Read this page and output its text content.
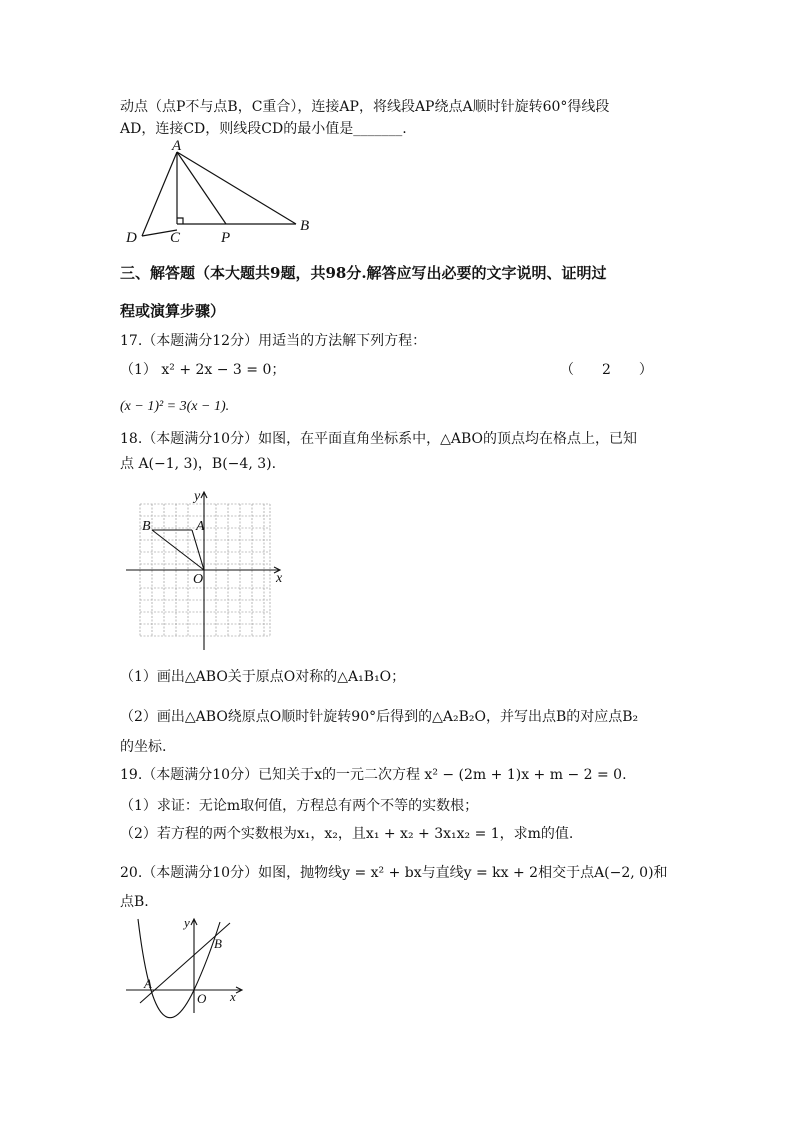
动点（点P不与点B，C重合），连接AP，将线段AP绕点A顺时针旋转60°得线段
AD，连接CD，则线段CD的最小值是_______.
A
D C	P
B
三、解答题（本大题共9题，共98分.解答应写出必要的文字说明、证明过
程或演算步骤）
17.（本题满分12分）用适当的方法解下列方程：
（1） x² + 2x − 3 = 0；	（　　2　　）
(x − 1)² = 3(x − 1).
18.（本题满分10分）如图，在平面直角坐标系中，△ABO的顶点均在格点上，已知
点 A(−1, 3)，B(−4, 3).
y
B	A
O	x
（1）画出△ABO关于原点O对称的△A₁B₁O；
（2）画出△ABO绕原点O顺时针旋转90°后得到的△A₂B₂O，并写出点B的对应点B₂
的坐标.
19.（本题满分10分）已知关于x的一元二次方程 x² − (2m + 1)x + m − 2 = 0.
（1）求证：无论m取何值，方程总有两个不等的实数根；
（2）若方程的两个实数根为x₁，x₂，且x₁ + x₂ + 3x₁x₂ = 1，求m的值.
20.（本题满分10分）如图，抛物线y = x² + bx与直线y = kx + 2相交于点A(−2, 0)和
点B.
y
B
A
O x
